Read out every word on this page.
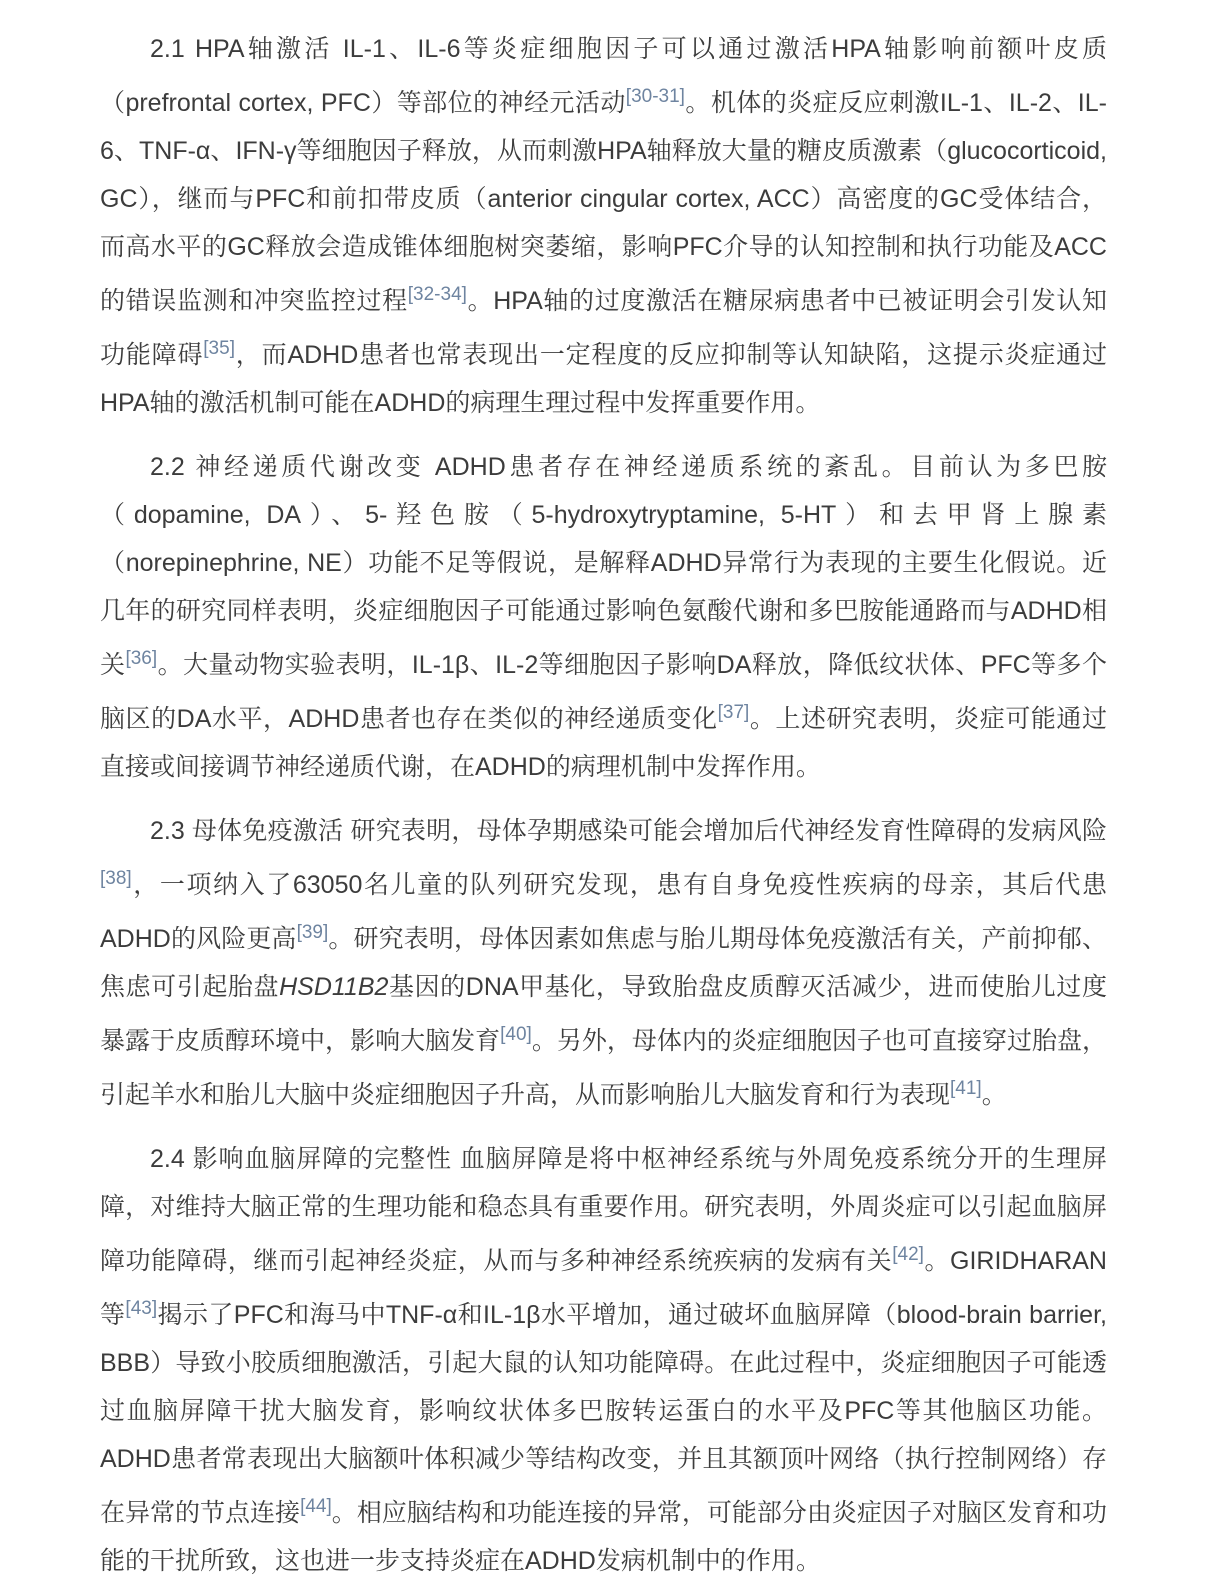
2.1 HPA轴激活 IL-1、IL-6等炎症细胞因子可以通过激活HPA轴影响前额叶皮质（prefrontal cortex, PFC）等部位的神经元活动[30-31]。机体的炎症反应刺激IL-1、IL-2、IL-6、TNF-α、IFN-γ等细胞因子释放，从而刺激HPA轴释放大量的糖皮质激素（glucocorticoid, GC），继而与PFC和前扣带皮质（anterior cingular cortex, ACC）高密度的GC受体结合，而高水平的GC释放会造成锥体细胞树突萎缩，影响PFC介导的认知控制和执行功能及ACC的错误监测和冲突监控过程[32-34]。HPA轴的过度激活在糖尿病患者中已被证明会引发认知功能障碍[35]，而ADHD患者也常表现出一定程度的反应抑制等认知缺陷，这提示炎症通过HPA轴的激活机制可能在ADHD的病理生理过程中发挥重要作用。

2.2 神经递质代谢改变 ADHD患者存在神经递质系统的紊乱。目前认为多巴胺（dopamine, DA）、5-羟色胺（5-hydroxytryptamine, 5-HT）和去甲肾上腺素（norepinephrine, NE）功能不足等假说，是解释ADHD异常行为表现的主要生化假说。近几年的研究同样表明，炎症细胞因子可能通过影响色氨酸代谢和多巴胺能通路而与ADHD相关[36]。大量动物实验表明，IL-1β、IL-2等细胞因子影响DA释放，降低纹状体、PFC等多个脑区的DA水平，ADHD患者也存在类似的神经递质变化[37]。上述研究表明，炎症可能通过直接或间接调节神经递质代谢，在ADHD的病理机制中发挥作用。

2.3 母体免疫激活 研究表明，母体孕期感染可能会增加后代神经发育性障碍的发病风险[38]，一项纳入了63050名儿童的队列研究发现，患有自身免疫性疾病的母亲，其后代患ADHD的风险更高[39]。研究表明，母体因素如焦虑与胎儿期母体免疫激活有关，产前抑郁、焦虑可引起胎盘HSD11B2基因的DNA甲基化，导致胎盘皮质醇灭活减少，进而使胎儿过度暴露于皮质醇环境中，影响大脑发育[40]。另外，母体内的炎症细胞因子也可直接穿过胎盘，引起羊水和胎儿大脑中炎症细胞因子升高，从而影响胎儿大脑发育和行为表现[41]。

2.4 影响血脑屏障的完整性 血脑屏障是将中枢神经系统与外周免疫系统分开的生理屏障，对维持大脑正常的生理功能和稳态具有重要作用。研究表明，外周炎症可以引起血脑屏障功能障碍，继而引起神经炎症，从而与多种神经系统疾病的发病有关[42]。GIRIDHARAN等[43]揭示了PFC和海马中TNF-α和IL-1β水平增加，通过破坏血脑屏障（blood-brain barrier, BBB）导致小胶质细胞激活，引起大鼠的认知功能障碍。在此过程中，炎症细胞因子可能透过血脑屏障干扰大脑发育，影响纹状体多巴胺转运蛋白的水平及PFC等其他脑区功能。ADHD患者常表现出大脑额叶体积减少等结构改变，并且其额顶叶网络（执行控制网络）存在异常的节点连接[44]。相应脑结构和功能连接的异常，可能部分由炎症因子对脑区发育和功能的干扰所致，这也进一步支持炎症在ADHD发病机制中的作用。
